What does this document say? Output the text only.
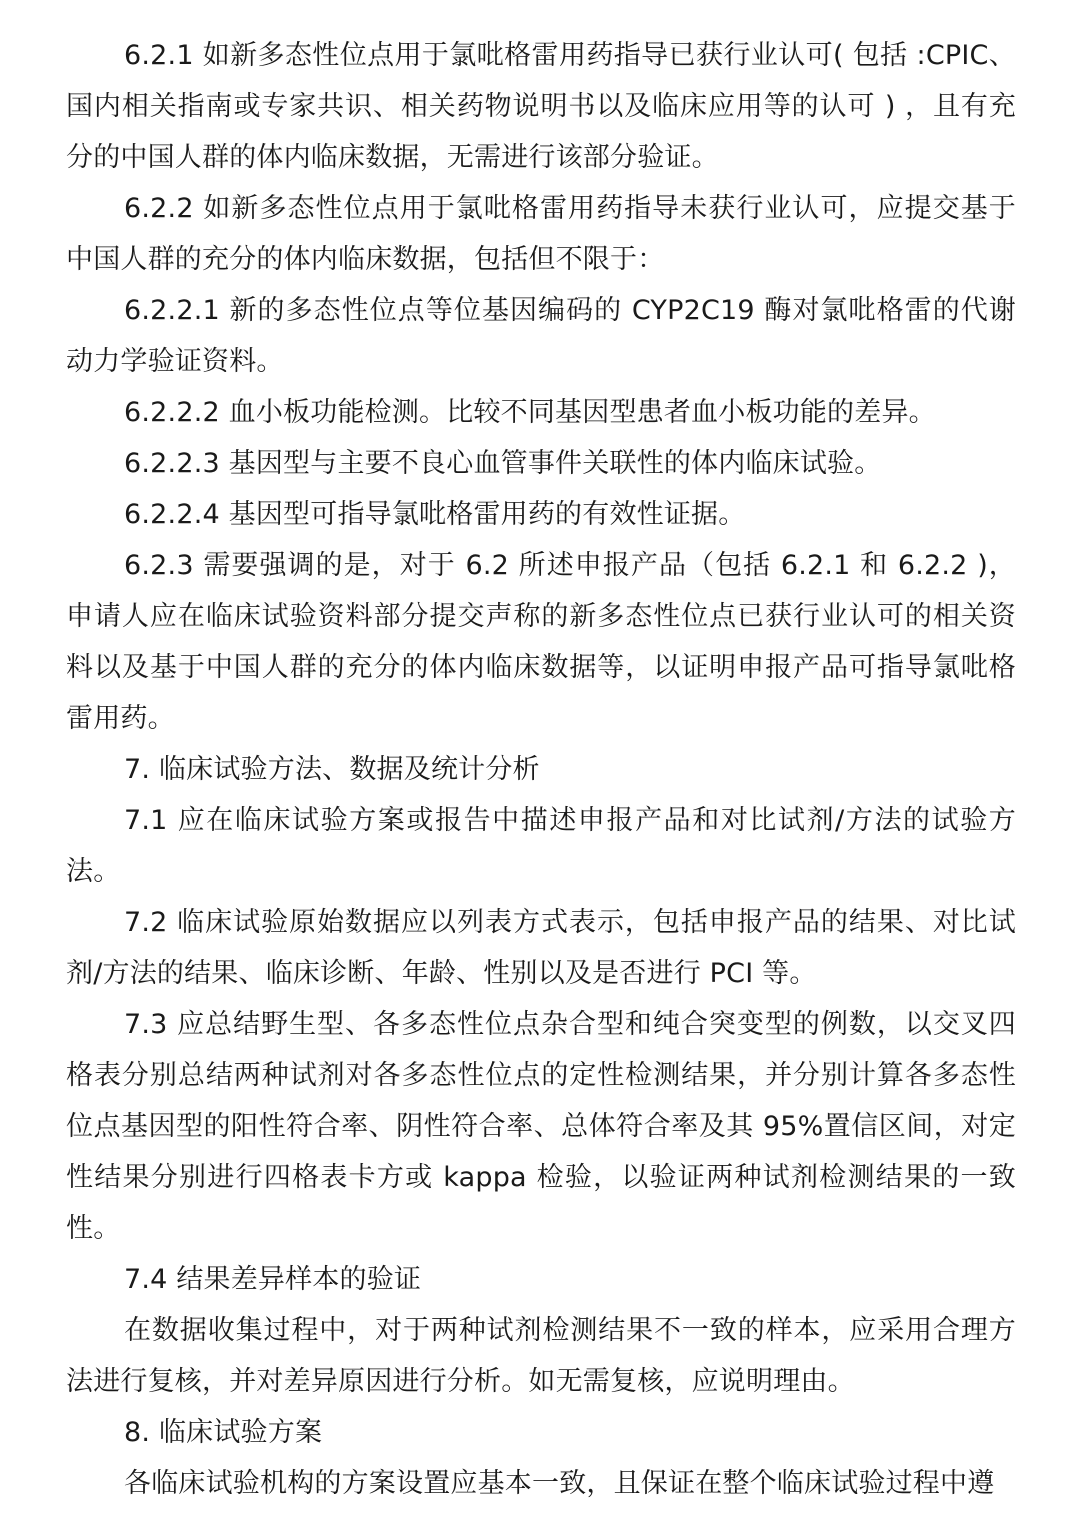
6.2.1 如新多态性位点用于氯吡格雷用药指导已获行业认可( 包括 :CPIC、国内相关指南或专家共识、相关药物说明书以及临床应用等的认可 ) ，且有充分的中国人群的体内临床数据，无需进行该部分验证。

6.2.2 如新多态性位点用于氯吡格雷用药指导未获行业认可，应提交基于中国人群的充分的体内临床数据，包括但不限于：

6.2.2.1 新的多态性位点等位基因编码的 CYP2C19 酶对氯吡格雷的代谢动力学验证资料。

6.2.2.2 血小板功能检测。比较不同基因型患者血小板功能的差异。

6.2.2.3 基因型与主要不良心血管事件关联性的体内临床试验。

6.2.2.4 基因型可指导氯吡格雷用药的有效性证据。

6.2.3 需要强调的是，对于 6.2 所述申报产品（包括 6.2.1 和 6.2.2 )，申请人应在临床试验资料部分提交声称的新多态性位点已获行业认可的相关资料以及基于中国人群的充分的体内临床数据等，以证明申报产品可指导氯吡格雷用药。

7. 临床试验方法、数据及统计分析

7.1 应在临床试验方案或报告中描述申报产品和对比试剂/方法的试验方法。

7.2 临床试验原始数据应以列表方式表示，包括申报产品的结果、对比试剂/方法的结果、临床诊断、年龄、性别以及是否进行 PCI 等。

7.3 应总结野生型、各多态性位点杂合型和纯合突变型的例数，以交叉四格表分别总结两种试剂对各多态性位点的定性检测结果，并分别计算各多态性位点基因型的阳性符合率、阴性符合率、总体符合率及其 95%置信区间，对定性结果分别进行四格表卡方或 kappa 检验，以验证两种试剂检测结果的一致性。

7.4 结果差异样本的验证

在数据收集过程中，对于两种试剂检测结果不一致的样本，应采用合理方法进行复核，并对差异原因进行分析。如无需复核，应说明理由。

8. 临床试验方案

各临床试验机构的方案设置应基本一致，且保证在整个临床试验过程中遵
